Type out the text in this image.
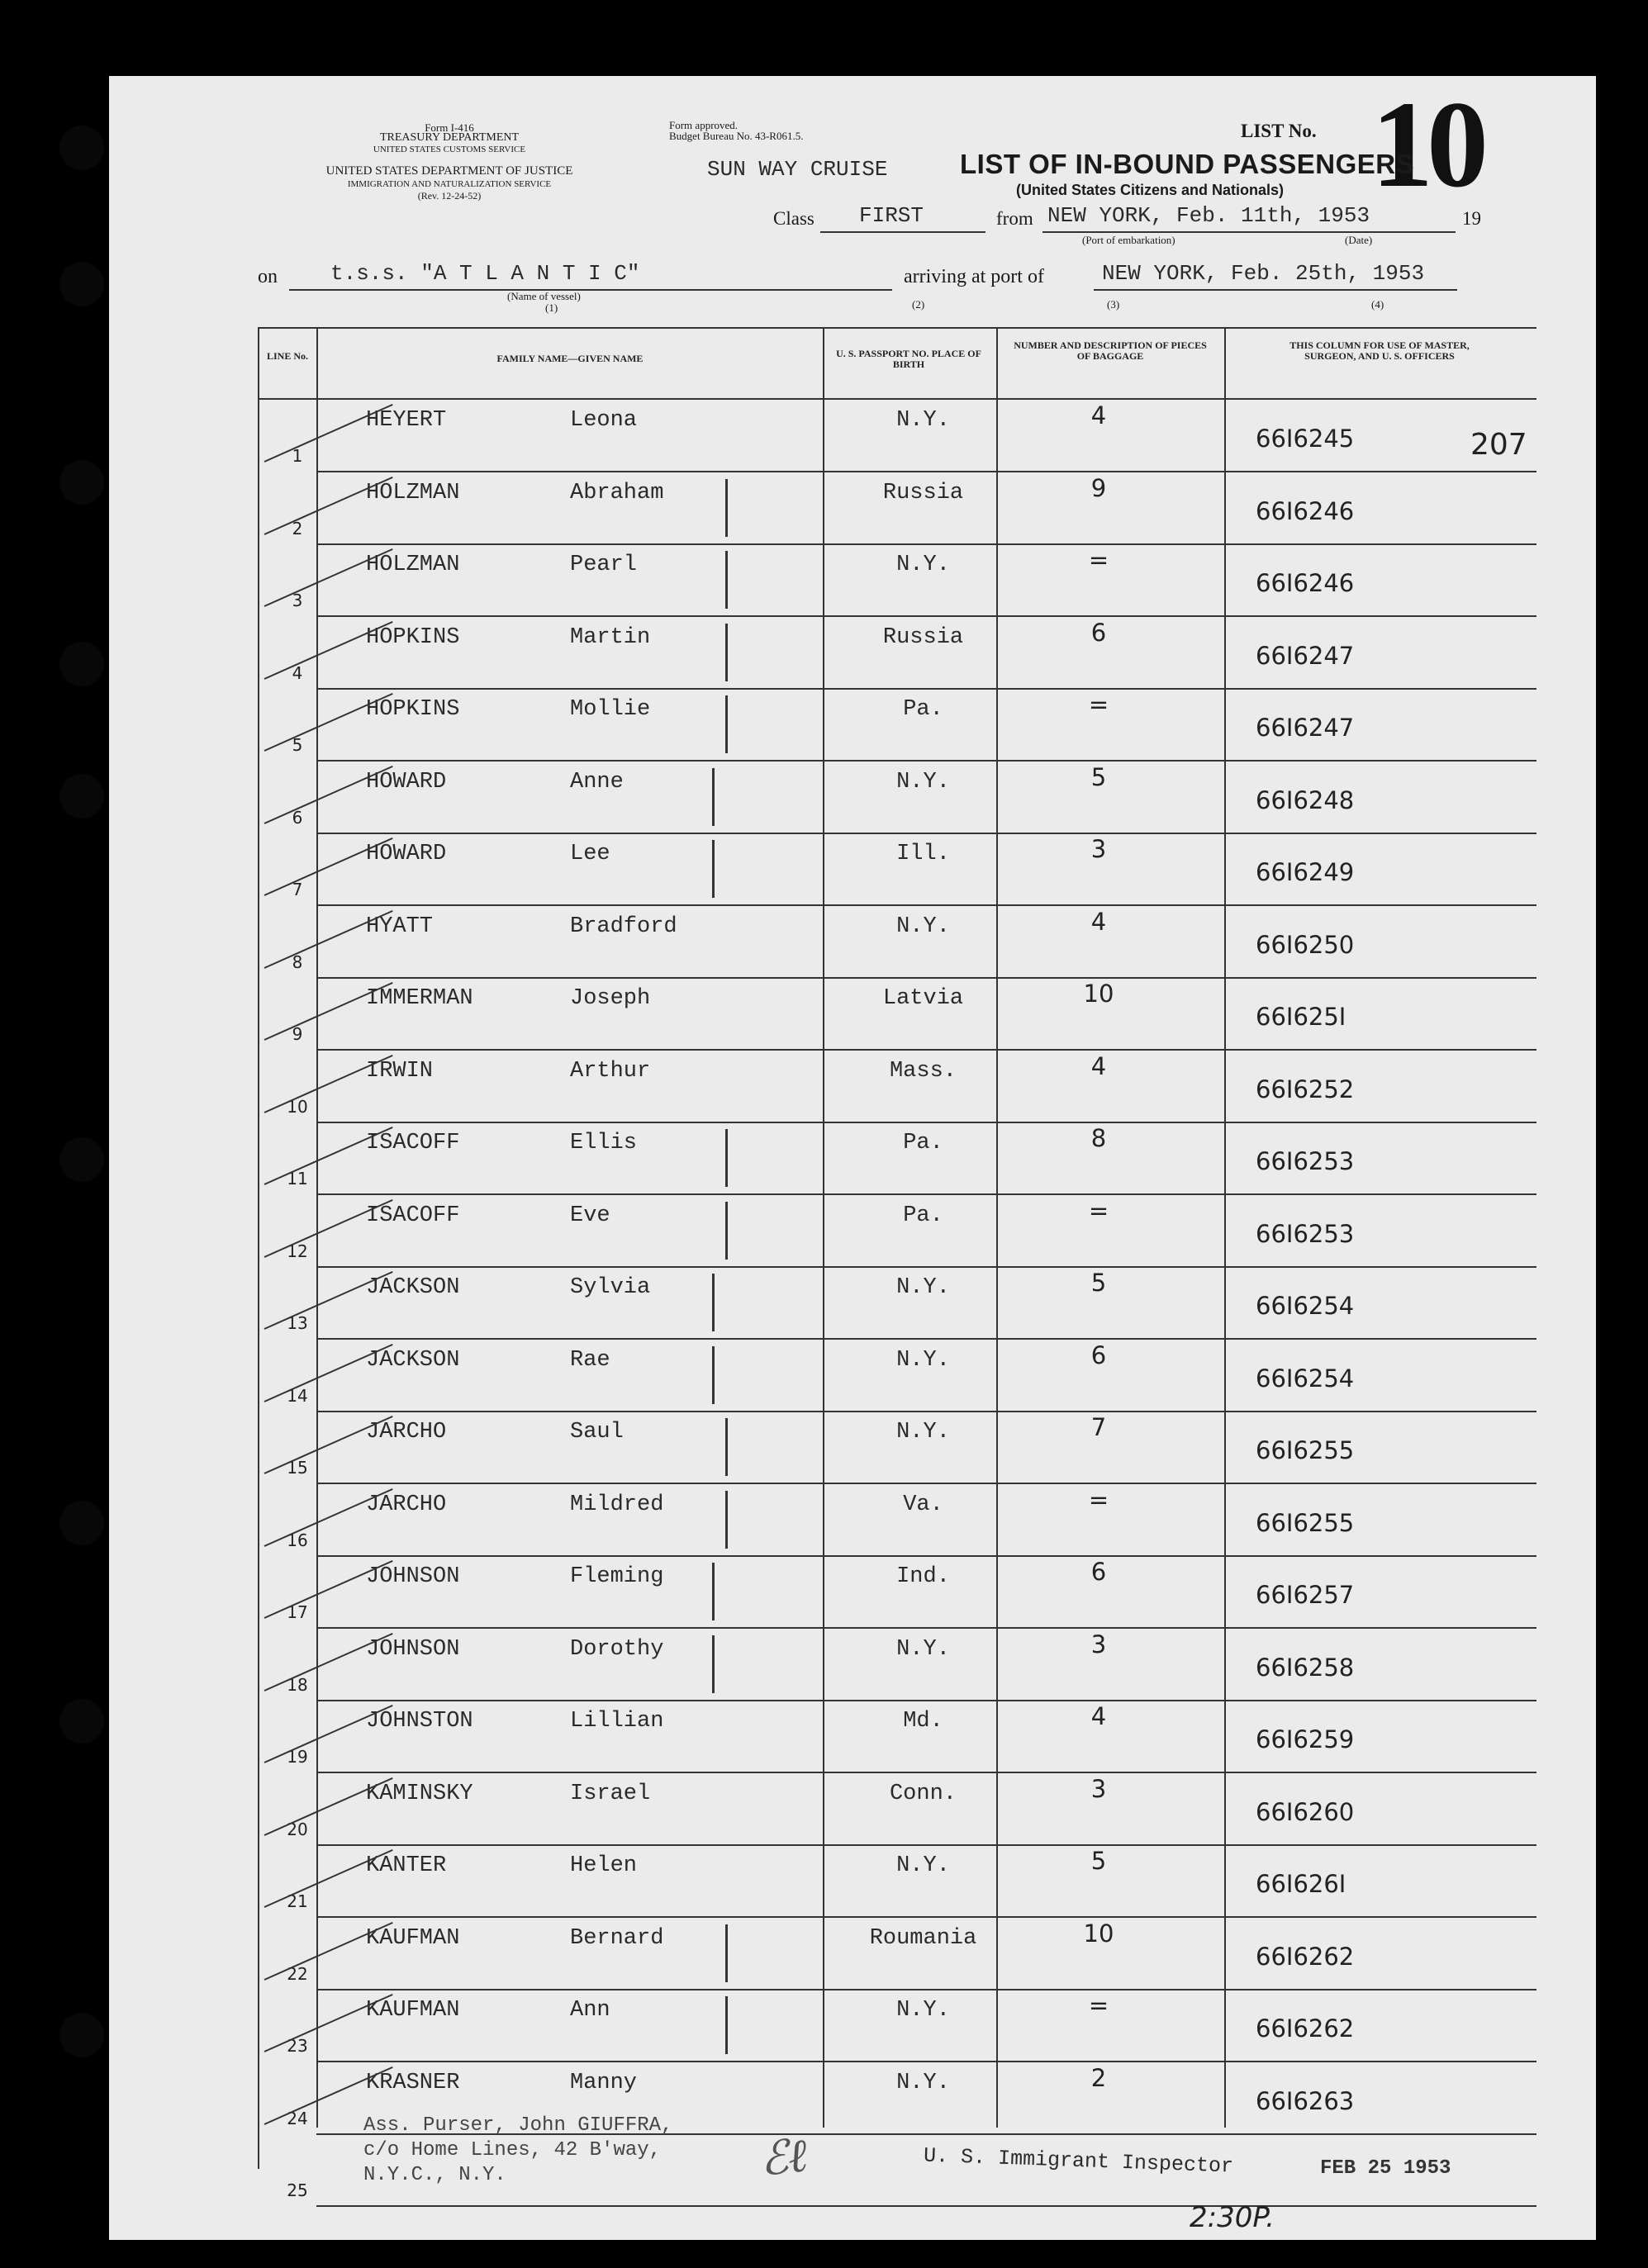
Form I-416
TREASURY DEPARTMENT
UNITED STATES CUSTOMS SERVICE
UNITED STATES DEPARTMENT OF JUSTICE
IMMIGRATION AND NATURALIZATION SERVICE
(Rev. 12-24-52)
Form approved.
Budget Bureau No. 43-R061.5.
SUN WAY CRUISE
LIST No. 10
LIST OF IN-BOUND PASSENGERS
(United States Citizens and Nationals)
Class FIRST	from NEW YORK, Feb. 11th, 1953	19
(Port of embarkation)	(Date)
on t.s.s. "A T L A N T I C"
(Name of vessel)
(1)
arriving at port of	NEW YORK, Feb. 25th, 1953
(2)	(3)	(4)
LINE No.	FAMILY NAME—GIVEN NAME	U. S. PASSPORT NO. PLACE OF BIRTH
NUMBER AND DESCRIPTION OF PIECES OF BAGGAGE
THIS COLUMN FOR USE OF MASTER, SURGEON, AND U. S. OFFICERS
207
1
HEYERT	Leona	N.Y.	4
66I6245
2
HOLZMAN	Abraham	Russia	9
66I6246
3
HOLZMAN	Pearl	N.Y.	=
66I6246
4
HOPKINS	Martin	Russia	6
66I6247
5
HOPKINS	Mollie	Pa.	=
66I6247
6
HOWARD	Anne	N.Y.	5
66I6248
7
HOWARD	Lee	Ill.	3
66I6249
8
HYATT	Bradford	N.Y.	4
66I6250
9
IMMERMAN	Joseph	Latvia	10
66I625I
10
IRWIN	Arthur	Mass.	4
66I6252
11
ISACOFF	Ellis	Pa.	8
66I6253
12
ISACOFF	Eve	Pa.	=
66I6253
13
JACKSON	Sylvia	N.Y.	5
66I6254
14
JACKSON	Rae	N.Y.	6
66I6254
15
JARCHO	Saul	N.Y.	7
66I6255
16
JARCHO	Mildred	Va.	=
66I6255
17
JOHNSON	Fleming	Ind.	6
66I6257
18
JOHNSON	Dorothy	N.Y.	3
66I6258
19
JOHNSTON	Lillian	Md.	4
66I6259
20
KAMINSKY	Israel	Conn.	3
66I6260
21
KANTER	Helen	N.Y.	5
66I626I
22
KAUFMAN	Bernard	Roumania	10
66I6262
23
KAUFMAN	Ann	N.Y.	=
66I6262
24
KRASNER	Manny	N.Y.	2
66I6263
25
Ass. Purser, John GIUFFRA,
c/o Home Lines, 42 B'way,
N.Y.C., N.Y.	ℰℓ	U. S. Immigrant Inspector	FEB 25 1953
2:30P.
